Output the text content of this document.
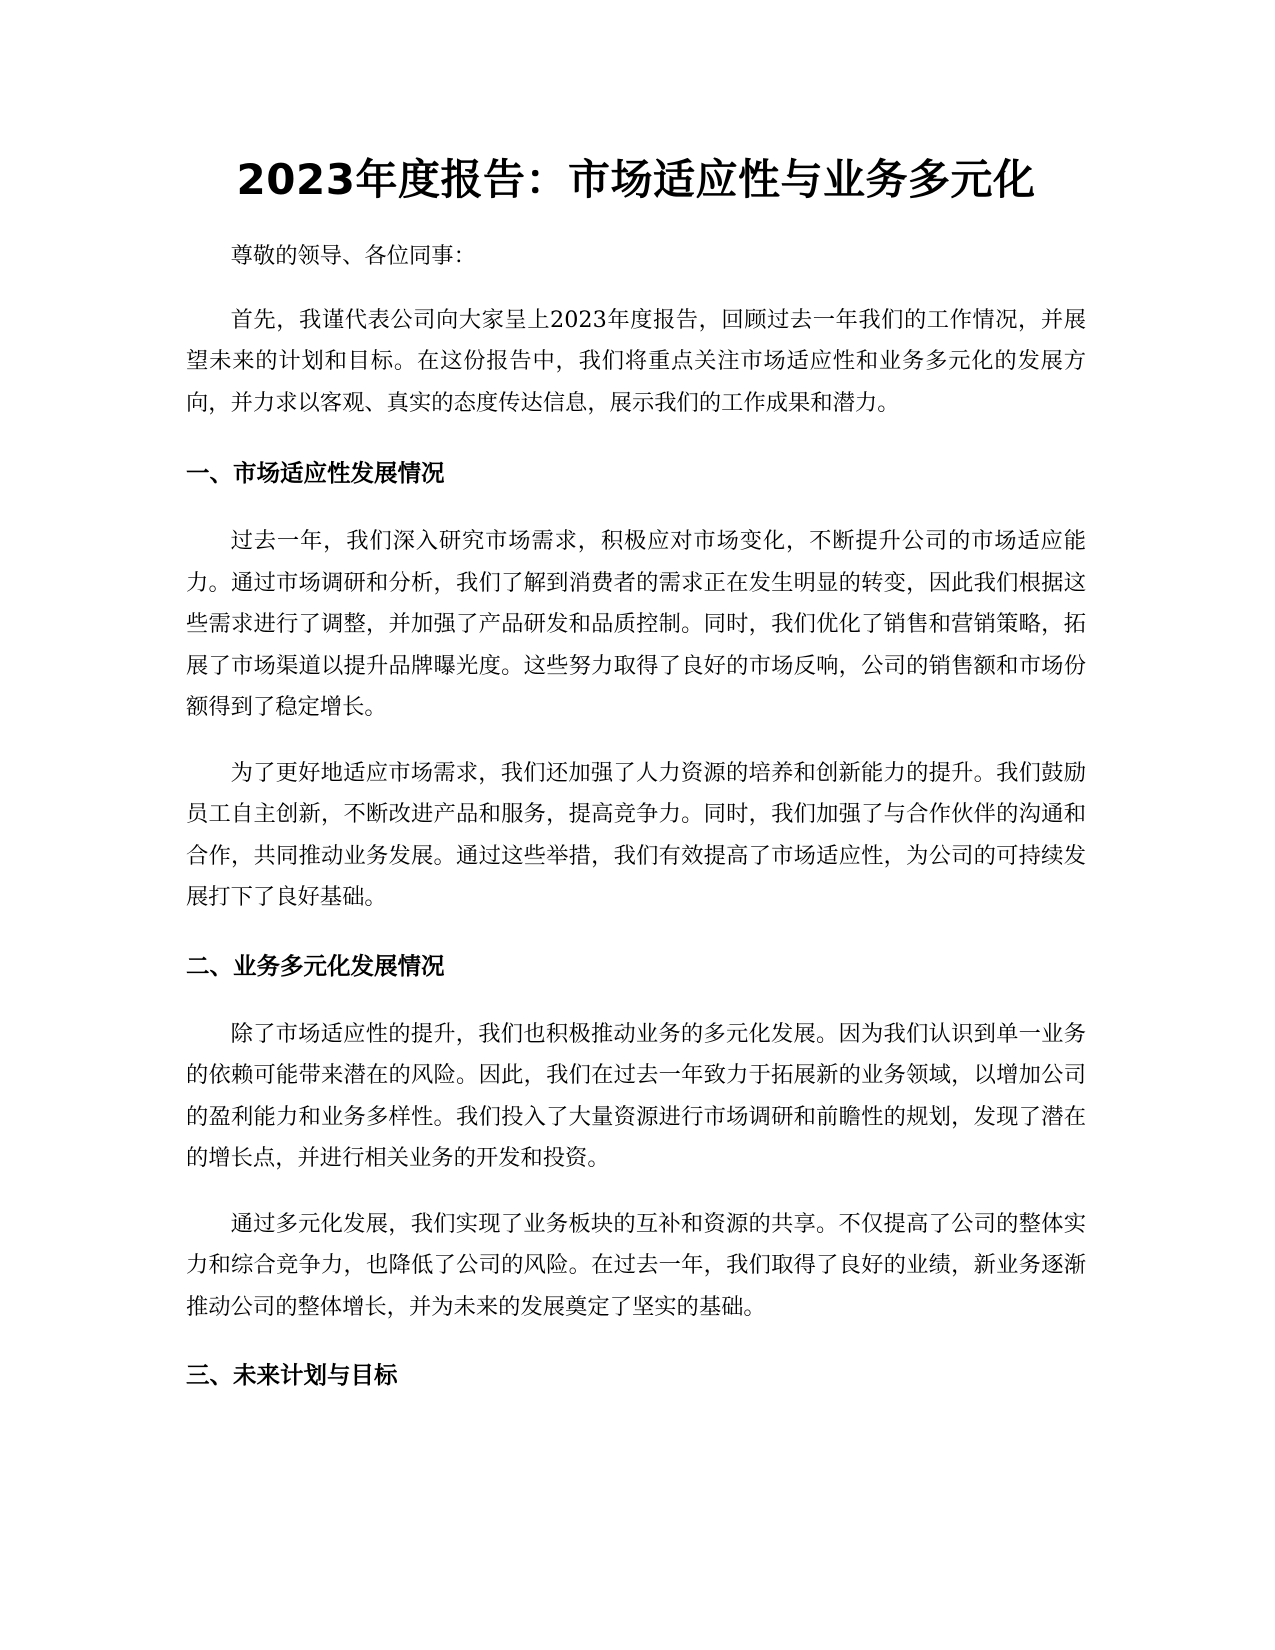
2023年度报告：市场适应性与业务多元化

尊敬的领导、各位同事：

首先，我谨代表公司向大家呈上2023年度报告，回顾过去一年我们的工作情况，并展望未来的计划和目标。在这份报告中，我们将重点关注市场适应性和业务多元化的发展方向，并力求以客观、真实的态度传达信息，展示我们的工作成果和潜力。

一、市场适应性发展情况

过去一年，我们深入研究市场需求，积极应对市场变化，不断提升公司的市场适应能力。通过市场调研和分析，我们了解到消费者的需求正在发生明显的转变，因此我们根据这些需求进行了调整，并加强了产品研发和品质控制。同时，我们优化了销售和营销策略，拓展了市场渠道以提升品牌曝光度。这些努力取得了良好的市场反响，公司的销售额和市场份额得到了稳定增长。

为了更好地适应市场需求，我们还加强了人力资源的培养和创新能力的提升。我们鼓励员工自主创新，不断改进产品和服务，提高竞争力。同时，我们加强了与合作伙伴的沟通和合作，共同推动业务发展。通过这些举措，我们有效提高了市场适应性，为公司的可持续发展打下了良好基础。

二、业务多元化发展情况

除了市场适应性的提升，我们也积极推动业务的多元化发展。因为我们认识到单一业务的依赖可能带来潜在的风险。因此，我们在过去一年致力于拓展新的业务领域，以增加公司的盈利能力和业务多样性。我们投入了大量资源进行市场调研和前瞻性的规划，发现了潜在的增长点，并进行相关业务的开发和投资。

通过多元化发展，我们实现了业务板块的互补和资源的共享。不仅提高了公司的整体实力和综合竞争力，也降低了公司的风险。在过去一年，我们取得了良好的业绩，新业务逐渐推动公司的整体增长，并为未来的发展奠定了坚实的基础。

三、未来计划与目标
